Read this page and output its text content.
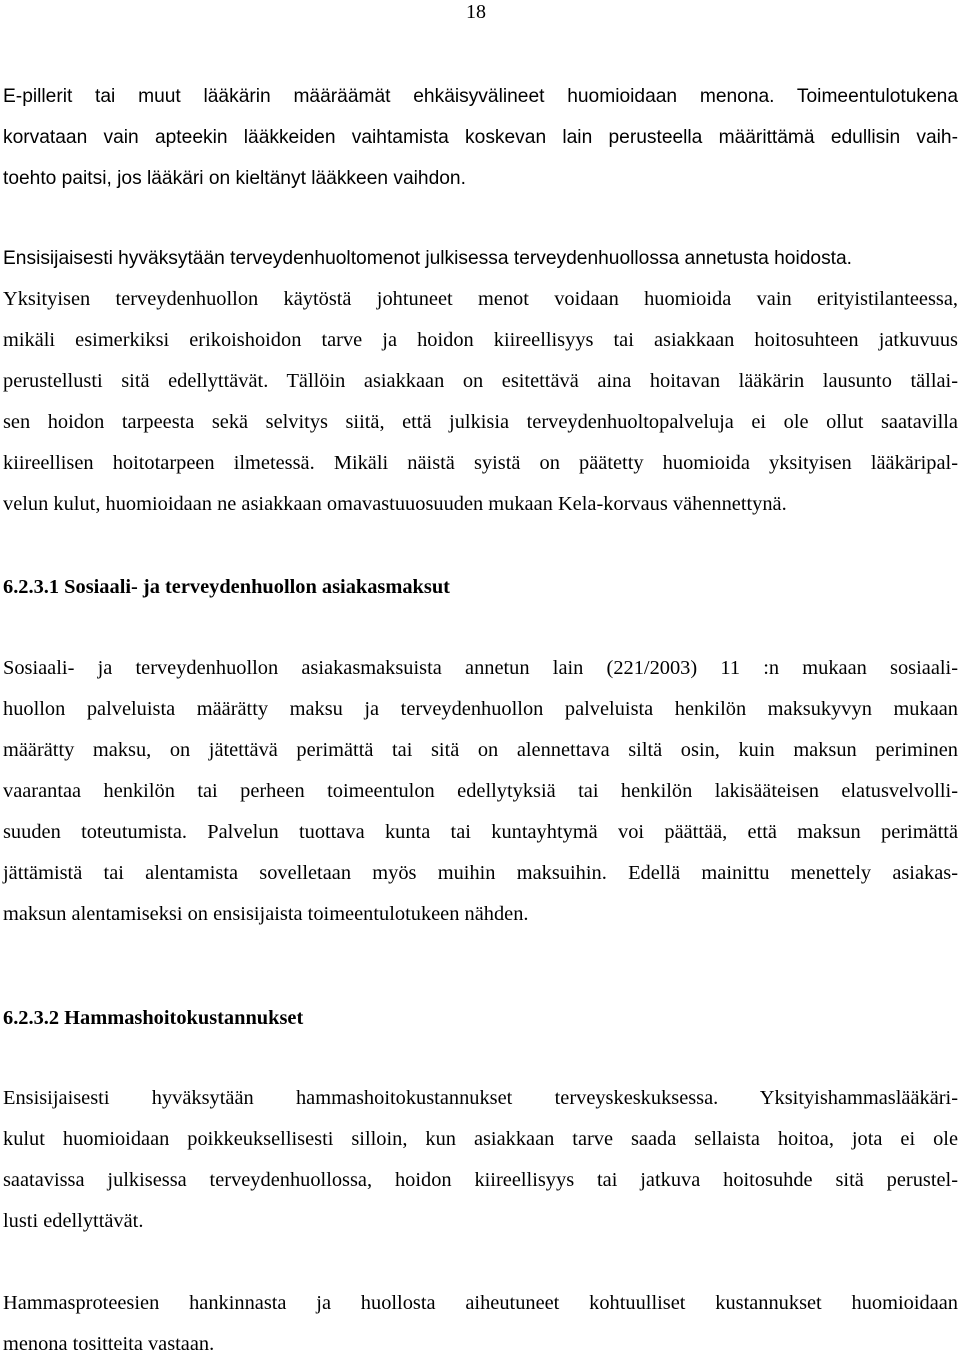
18
E-pillerit tai muut lääkärin määräämät ehkäisyvälineet huomioidaan menona. Toimeentulotukena
korvataan vain apteekin lääkkeiden vaihtamista koskevan lain perusteella määrittämä edullisin vaih-
toehto paitsi, jos lääkäri on kieltänyt lääkkeen vaihdon.
Ensisijaisesti hyväksytään terveydenhuoltomenot julkisessa terveydenhuollossa annetusta hoidosta.
Yksityisen terveydenhuollon käytöstä johtuneet menot voidaan huomioida vain erityistilanteessa,
mikäli esimerkiksi erikoishoidon tarve ja hoidon kiireellisyys tai asiakkaan hoitosuhteen jatkuvuus
perustellusti sitä edellyttävät. Tällöin asiakkaan on esitettävä aina hoitavan lääkärin lausunto tällai-
sen hoidon tarpeesta sekä selvitys siitä, että julkisia terveydenhuoltopalveluja ei ole ollut saatavilla
kiireellisen hoitotarpeen ilmetessä. Mikäli näistä syistä on päätetty huomioida yksityisen lääkäripal-
velun kulut, huomioidaan ne asiakkaan omavastuuosuuden mukaan Kela-korvaus vähennettynä.
6.2.3.1 Sosiaali- ja terveydenhuollon asiakasmaksut
Sosiaali- ja terveydenhuollon asiakasmaksuista annetun lain (221/2003) 11 :n mukaan sosiaali-
huollon palveluista määrätty maksu ja terveydenhuollon palveluista henkilön maksukyvyn mukaan
määrätty maksu, on jätettävä perimättä tai sitä on alennettava siltä osin, kuin maksun periminen
vaarantaa henkilön tai perheen toimeentulon edellytyksiä tai henkilön lakisääteisen elatusvelvolli-
suuden toteutumista. Palvelun tuottava kunta tai kuntayhtymä voi päättää, että maksun perimättä
jättämistä tai alentamista sovelletaan myös muihin maksuihin. Edellä mainittu menettely asiakas-
maksun alentamiseksi on ensisijaista toimeentulotukeen nähden.
6.2.3.2 Hammashoitokustannukset
Ensisijaisesti hyväksytään hammashoitokustannukset terveyskeskuksessa. Yksityishammaslääkäri-
kulut huomioidaan poikkeuksellisesti silloin, kun asiakkaan tarve saada sellaista hoitoa, jota ei ole
saatavissa julkisessa terveydenhuollossa, hoidon kiireellisyys tai jatkuva hoitosuhde sitä perustel-
lusti edellyttävät.
Hammasproteesien hankinnasta ja huollosta aiheutuneet kohtuulliset kustannukset huomioidaan
menona tositteita vastaan.
